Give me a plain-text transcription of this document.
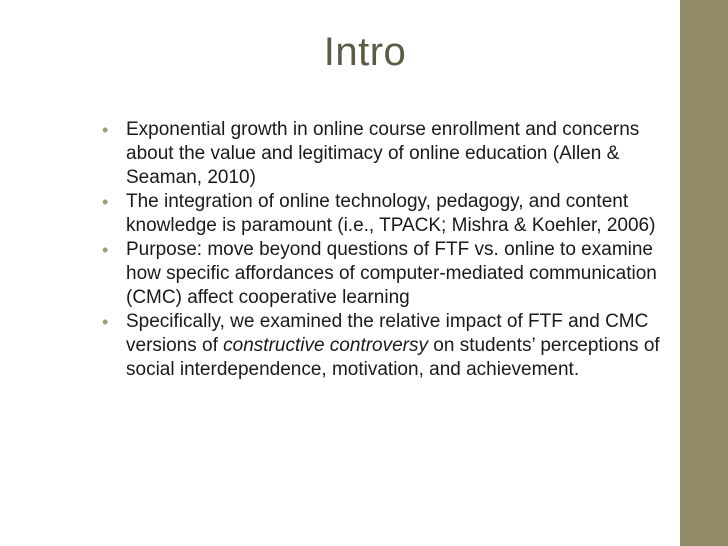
Intro
• Exponential growth in online course enrollment and concerns about the value and legitimacy of online education (Allen & Seaman, 2010)
• The integration of online technology, pedagogy, and content knowledge is paramount (i.e., TPACK; Mishra & Koehler, 2006)
• Purpose: move beyond questions of FTF vs. online to examine how specific affordances of computer-mediated communication (CMC) affect cooperative learning
• Specifically, we examined the relative impact of FTF and CMC versions of constructive controversy on students’ perceptions of social interdependence, motivation, and achievement.
